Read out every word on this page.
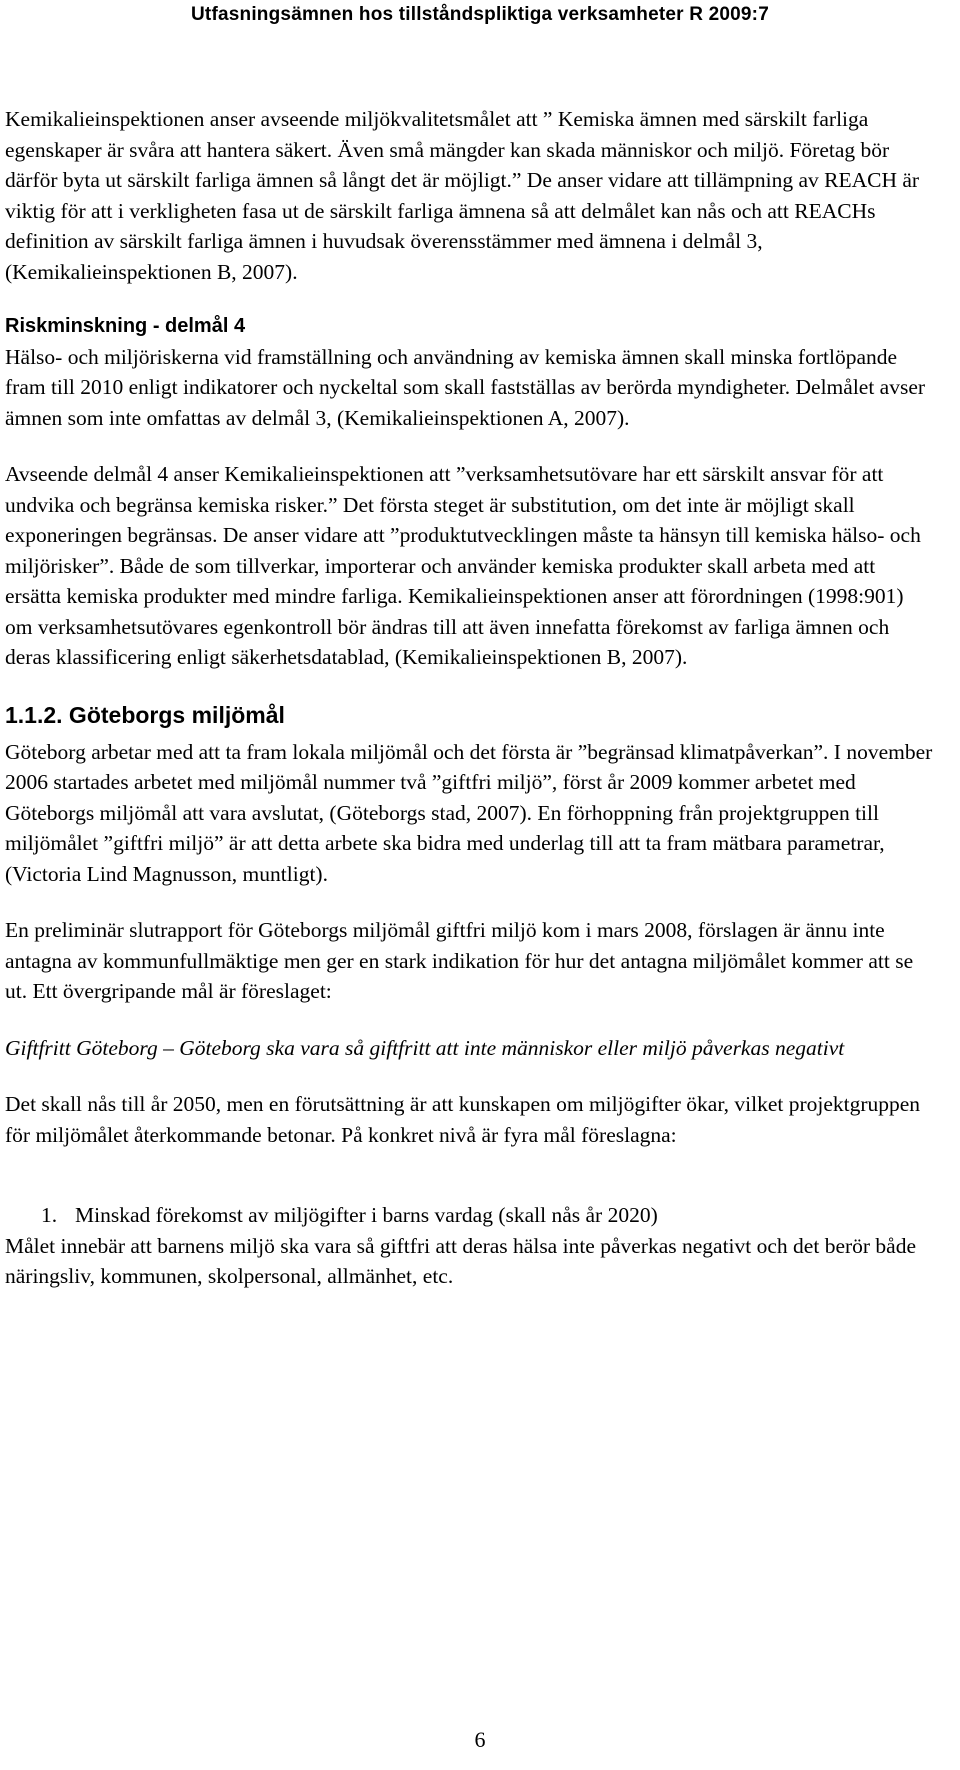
Utfasningsämnen hos tillståndspliktiga verksamheter R 2009:7

Kemikalieinspektionen anser avseende miljökvalitetsmålet att ” Kemiska ämnen med särskilt farliga egenskaper är svåra att hantera säkert. Även små mängder kan skada människor och miljö. Företag bör därför byta ut särskilt farliga ämnen så långt det är möjligt.” De anser vidare att tillämpning av REACH är viktig för att i verkligheten fasa ut de särskilt farliga ämnena så att delmålet kan nås och att REACHs definition av särskilt farliga ämnen i huvudsak överensstämmer med ämnena i delmål 3, (Kemikalieinspektionen B, 2007).

Riskminskning - delmål 4

Hälso- och miljöriskerna vid framställning och användning av kemiska ämnen skall minska fortlöpande fram till 2010 enligt indikatorer och nyckeltal som skall fastställas av berörda myndigheter. Delmålet avser ämnen som inte omfattas av delmål 3, (Kemikalieinspektionen A, 2007).

Avseende delmål 4 anser Kemikalieinspektionen att ”verksamhetsutövare har ett särskilt ansvar för att undvika och begränsa kemiska risker.” Det första steget är substitution, om det inte är möjligt skall exponeringen begränsas. De anser vidare att ”produktutvecklingen måste ta hänsyn till kemiska hälso- och miljörisker”. Både de som tillverkar, importerar och använder kemiska produkter skall arbeta med att ersätta kemiska produkter med mindre farliga. Kemikalieinspektionen anser att förordningen (1998:901) om verksamhetsutövares egenkontroll bör ändras till att även innefatta förekomst av farliga ämnen och deras klassificering enligt säkerhetsdatablad, (Kemikalieinspektionen B, 2007).

1.1.2. Göteborgs miljömål

Göteborg arbetar med att ta fram lokala miljömål och det första är ”begränsad klimatpåverkan”. I november 2006 startades arbetet med miljömål nummer två ”giftfri miljö”, först år 2009 kommer arbetet med Göteborgs miljömål att vara avslutat, (Göteborgs stad, 2007). En förhoppning från projektgruppen till miljömålet ”giftfri miljö” är att detta arbete ska bidra med underlag till att ta fram mätbara parametrar, (Victoria Lind Magnusson, muntligt).

En preliminär slutrapport för Göteborgs miljömål giftfri miljö kom i mars 2008, förslagen är ännu inte antagna av kommunfullmäktige men ger en stark indikation för hur det antagna miljömålet kommer att se ut. Ett övergripande mål är föreslaget:

Giftfritt Göteborg – Göteborg ska vara så giftfritt att inte människor eller miljö påverkas negativt

Det skall nås till år 2050, men en förutsättning är att kunskapen om miljögifter ökar, vilket projektgruppen för miljömålet återkommande betonar. På konkret nivå är fyra mål föreslagna:

1. Minskad förekomst av miljögifter i barns vardag (skall nås år 2020)

Målet innebär att barnens miljö ska vara så giftfri att deras hälsa inte påverkas negativt och det berör både näringsliv, kommunen, skolpersonal, allmänhet, etc.

6
